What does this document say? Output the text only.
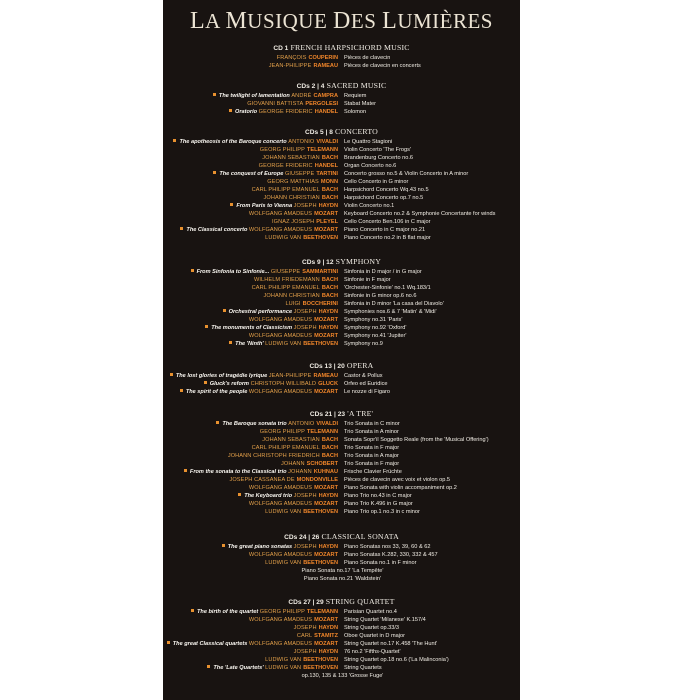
LA MUSIQUE DES LUMIÈRES
CD 1 FRENCH HARPSICHORD MUSIC
FRANÇOIS COUPERIN	Pièces de clavecin
JEAN-PHILIPPE RAMEAU	Pièces de clavecin en concerts
CDs 2 | 4 SACRED MUSIC
The twilight of lamentation ANDRÉ CAMPRA	Requiem
GIOVANNI BATTISTA PERGOLESI	Stabat Mater
Oratorio GEORGE FRIDERIC HANDEL	Solomon
CDs 5 | 8 CONCERTO
The apotheosis of the Baroque concerto ANTONIO VIVALDI	Le Quattro Stagioni
GEORG PHILIPP TELEMANN	Violin Concerto 'The Frogs'
JOHANN SEBASTIAN BACH	Brandenburg Concerto no.6
GEORGE FRIDERIC HANDEL	Organ Concerto no.6
The conquest of Europe GIUSEPPE TARTINI	Concerto grosso no.5 & Violin Concerto in A minor
GEORG MATTHIAS MONN	Cello Concerto in G minor
CARL PHILIPP EMANUEL BACH	Harpsichord Concerto Wq.43 no.5
JOHANN CHRISTIAN BACH	Harpsichord Concerto op.7 no.5
From Paris to Vienna JOSEPH HAYDN	Violin Concerto no.1
WOLFGANG AMADEUS MOZART	Keyboard Concerto no.2 & Symphonie Concertante for winds
IGNAZ JOSEPH PLEYEL	Cello Concerto Ben.106 in C major
The Classical concerto WOLFGANG AMADEUS MOZART	Piano Concerto in C major no.21
LUDWIG VAN BEETHOVEN	Piano Concerto no.2 in B flat major
CDs 9 | 12 SYMPHONY
From Sinfonia to Sinfonie... GIUSEPPE SAMMARTINI	Sinfonia in D major / in G major
WILHELM FRIEDEMANN BACH	Sinfonie in F major
CARL PHILIPP EMANUEL BACH	'Orchester-Sinfonie' no.1 Wq.183/1
JOHANN CHRISTIAN BACH	Sinfonie in G minor op.6 no.6
LUIGI BOCCHERINI	Sinfonia in D minor 'La casa del Diavolo'
Orchestral performance JOSEPH HAYDN	Symphonies nos.6 & 7 'Matin' & 'Midi'
WOLFGANG AMADEUS MOZART	Symphony no.31 'Paris'
The monuments of Classicism JOSEPH HAYDN	Symphony no.92 'Oxford'
WOLFGANG AMADEUS MOZART	Symphony no.41 'Jupiter'
The 'Ninth' LUDWIG VAN BEETHOVEN	Symphony no.9
CDs 13 | 20 OPERA
The lost glories of tragédie lyrique JEAN-PHILIPPE RAMEAU	Castor & Pollux
Gluck's reform CHRISTOPH WILLIBALD GLUCK	Orfeo ed Euridice
The spirit of the people WOLFGANG AMADEUS MOZART	Le nozze di Figaro
CDs 21 | 23 'A TRE'
The Baroque sonata trio ANTONIO VIVALDI	Trio Sonata in C minor
GEORG PHILIPP TELEMANN	Trio Sonata in A minor
JOHANN SEBASTIAN BACH	Sonata Sopr'il Soggetto Reale (from the 'Musical Offering')
CARL PHILIPP EMANUEL BACH	Trio Sonata in F major
JOHANN CHRISTOPH FRIEDRICH BACH	Trio Sonata in A major
JOHANN SCHOBERT	Trio Sonata in F major
From the sonata to the Classical trio JOHANN KUHNAU	Frische Clavier Früchte
JOSEPH CASSANEA DE MONDONVILLE	Pièces de clavecin avec voix et violon op.5
WOLFGANG AMADEUS MOZART	Piano Sonata with violin accompaniment op.2
The Keyboard trio JOSEPH HAYDN	Piano Trio no.43 in C major
WOLFGANG AMADEUS MOZART	Piano Trio K.496 in G major
LUDWIG VAN BEETHOVEN	Piano Trio op.1 no.3 in c minor
CDs 24 | 26 CLASSICAL SONATA
The great piano sonatas JOSEPH HAYDN	Piano Sonatas nos 33, 39, 60 & 62
WOLFGANG AMADEUS MOZART	Piano Sonatas K.282, 330, 332 & 457
LUDWIG VAN BEETHOVEN	Piano Sonata no.1 in F minor
Piano Sonata no.17 'La Tempête'
Piano Sonata no.21 'Waldstein'
CDs 27 | 29 STRING QUARTET
The birth of the quartet GEORG PHILIPP TELEMANN	Parisian Quartet no.4
WOLFGANG AMADEUS MOZART	String Quartet 'Milanese' K.157/4
JOSEPH HAYDN	String Quartet op.33/3
CARL STAMITZ	Oboe Quartet in D major
The great Classical quartets WOLFGANG AMADEUS MOZART	String Quartet no.17 K.458 'The Hunt'
JOSEPH HAYDN	76 no.2 'Fifths-Quartet'
LUDWIG VAN BEETHOVEN	String Quartet op.18 no.6 ('La Malinconia')
The 'Late Quartets' LUDWIG VAN BEETHOVEN	String Quartets
op.130, 135 & 133 'Grosse Fuge'
